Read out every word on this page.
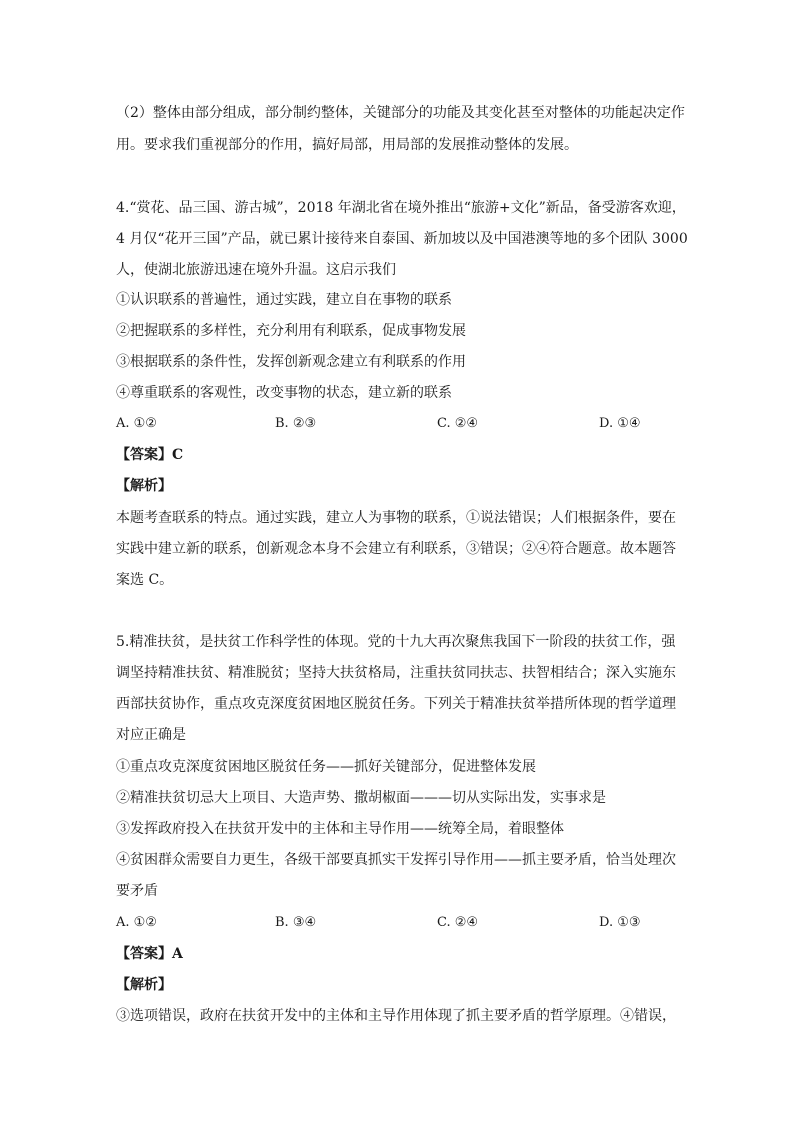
（2）整体由部分组成，部分制约整体，关键部分的功能及其变化甚至对整体的功能起决定作
用。要求我们重视部分的作用，搞好局部，用局部的发展推动整体的发展。
4.“赏花、品三国、游古城”，2018 年湖北省在境外推出“旅游+文化”新品，备受游客欢迎，
4 月仅“花开三国”产品，就已累计接待来自泰国、新加坡以及中国港澳等地的多个团队 3000
人，使湖北旅游迅速在境外升温。这启示我们
①认识联系的普遍性，通过实践，建立自在事物的联系
②把握联系的多样性，充分利用有利联系，促成事物发展
③根据联系的条件性，发挥创新观念建立有利联系的作用
④尊重联系的客观性，改变事物的状态，建立新的联系
A. ①②	B. ②③	C. ②④	D. ①④
【答案】C
【解析】
本题考查联系的特点。通过实践，建立人为事物的联系，①说法错误；人们根据条件，要在
实践中建立新的联系，创新观念本身不会建立有利联系，③错误；②④符合题意。故本题答
案选 C。
5.精准扶贫，是扶贫工作科学性的体现。党的十九大再次聚焦我国下一阶段的扶贫工作，强
调坚持精准扶贫、精准脱贫；坚持大扶贫格局，注重扶贫同扶志、扶智相结合；深入实施东
西部扶贫协作，重点攻克深度贫困地区脱贫任务。下列关于精准扶贫举措所体现的哲学道理
对应正确是
①重点攻克深度贫困地区脱贫任务——抓好关键部分，促进整体发展
②精准扶贫切忌大上项目、大造声势、撒胡椒面———切从实际出发，实事求是
③发挥政府投入在扶贫开发中的主体和主导作用——统筹全局，着眼整体
④贫困群众需要自力更生，各级干部要真抓实干发挥引导作用——抓主要矛盾，恰当处理次
要矛盾
A. ①②	B. ③④	C. ②④	D. ①③
【答案】A
【解析】
③选项错误，政府在扶贫开发中的主体和主导作用体现了抓主要矛盾的哲学原理。④错误，
